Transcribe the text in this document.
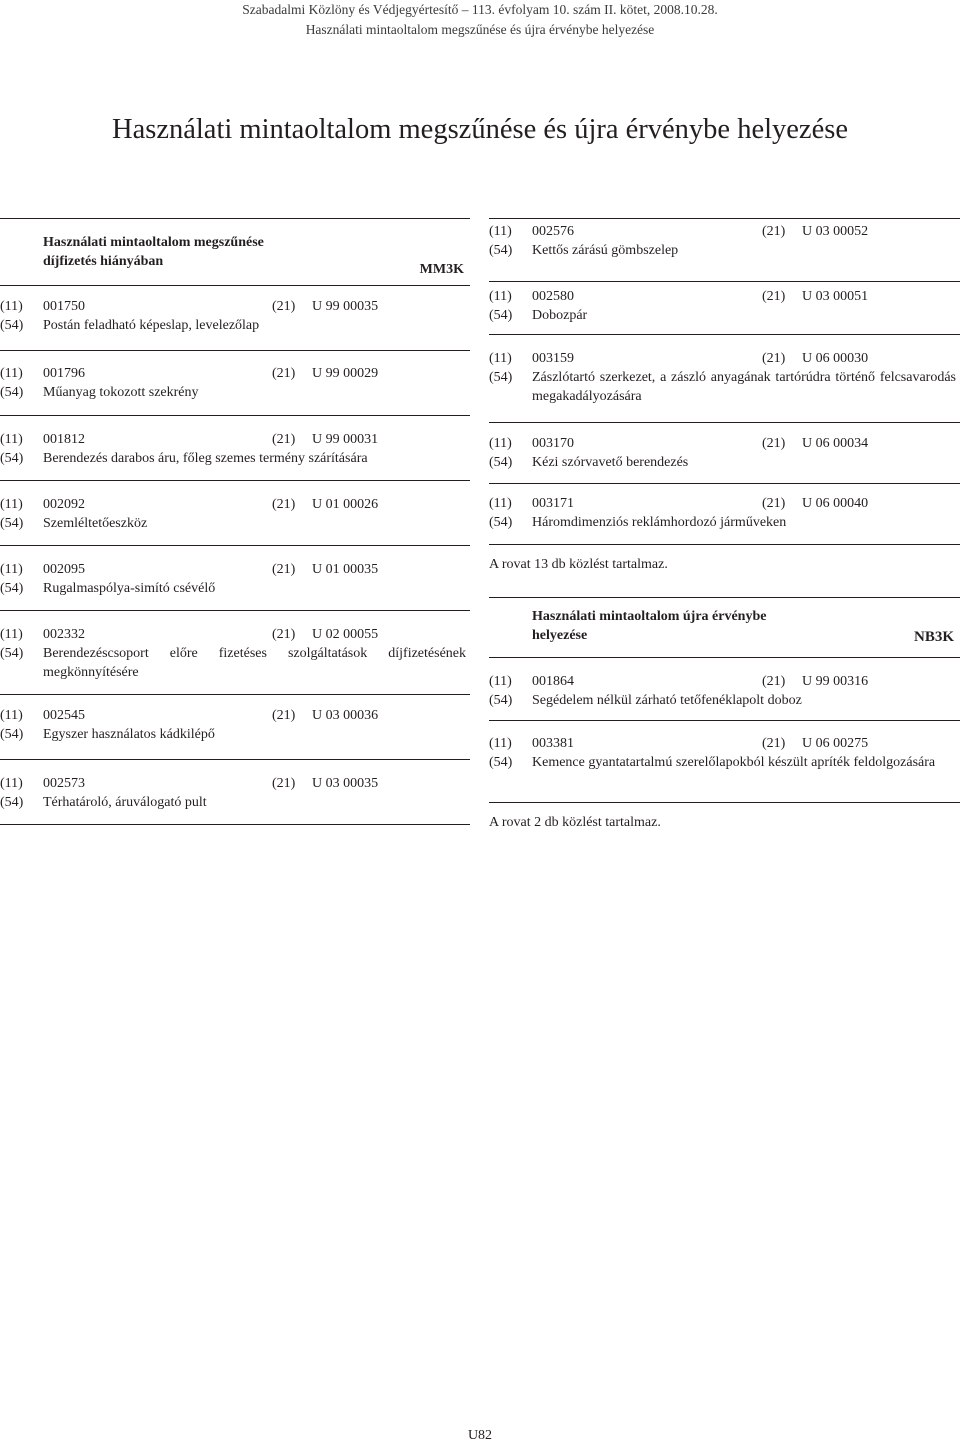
Szabadalmi Közlöny és Védjegyértesítő – 113. évfolyam 10. szám II. kötet, 2008.10.28.
Használati mintaoltalom megszűnése és újra érvénybe helyezése
Használati mintaoltalom megszűnése és újra érvénybe helyezése
Használati mintaoltalom megszűnése
díjfizetés hiányában
MM3K
(11) 001750	(21) U 99 00035
(54)	Postán feladható képeslap, levelezőlap
(11) 001796	(21) U 99 00029
(54)	Műanyag tokozott szekrény
(11) 001812	(21) U 99 00031
(54)	Berendezés darabos áru, főleg szemes termény szárítására
(11) 002092	(21) U 01 00026
(54)	Szemléltetőeszköz
(11) 002095	(21) U 01 00035
(54)	Rugalmaspólya-simító csévélő
(11) 002332	(21) U 02 00055
(54)	Berendezéscsoport előre fizetéses szolgáltatások díjfizetésének megkönnyítésére
(11) 002545	(21) U 03 00036
(54)	Egyszer használatos kádkilépő
(11) 002573	(21) U 03 00035
(54)	Térhatároló, áruválogató pult
(11) 002576	(21) U 03 00052
(54)	Kettős zárású gömbszelep
(11) 002580	(21) U 03 00051
(54)	Dobozpár
(11) 003159	(21) U 06 00030
(54)	Zászlótartó szerkezet, a zászló anyagának tartórúdra történő felcsavarodás megakadályozására
(11) 003170	(21) U 06 00034
(54)	Kézi szórvavető berendezés
(11) 003171	(21) U 06 00040
(54)	Háromdimenziós reklámhordozó járműveken
A rovat 13 db közlést tartalmaz.
Használati mintaoltalom újra érvénybe
helyezése	NB3K
(11) 001864	(21) U 99 00316
(54)	Segédelem nélkül zárható tetőfenéklapolt doboz
(11) 003381	(21) U 06 00275
(54)	Kemence gyantatartalmú szerelőlapokból készült apríték feldolgozására
A rovat 2 db közlést tartalmaz.
U82
